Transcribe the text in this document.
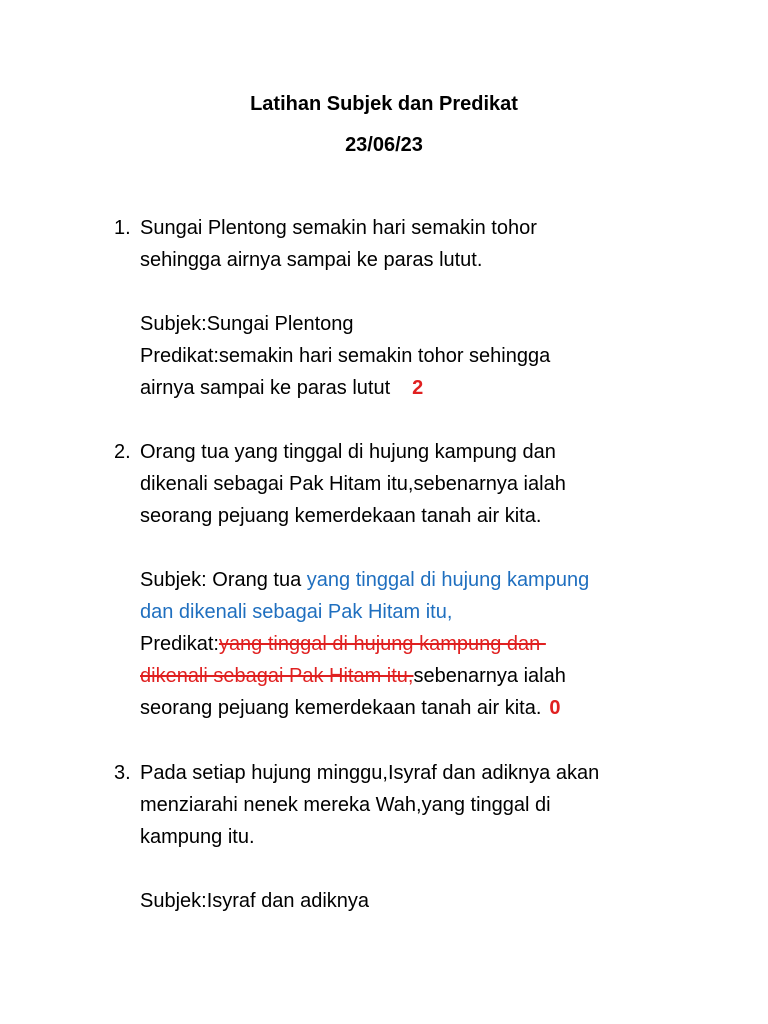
Latihan Subjek dan Predikat
23/06/23
1. Sungai Plentong semakin hari semakin tohor
sehingga airnya sampai ke paras lutut.

Subjek:Sungai Plentong
Predikat:semakin hari semakin tohor sehingga
airnya sampai ke paras lutut 2

2. Orang tua yang tinggal di hujung kampung dan
dikenali sebagai Pak Hitam itu,sebenarnya ialah
seorang pejuang kemerdekaan tanah air kita.

Subjek: Orang tua yang tinggal di hujung kampung
dan dikenali sebagai Pak Hitam itu,
Predikat:yang tinggal di hujung kampung dan
dikenali sebagai Pak Hitam itu,sebenarnya ialah
seorang pejuang kemerdekaan tanah air kita. 0

3. Pada setiap hujung minggu,Isyraf dan adiknya akan
menziarahi nenek mereka Wah,yang tinggal di
kampung itu.

Subjek:Isyraf dan adiknya
